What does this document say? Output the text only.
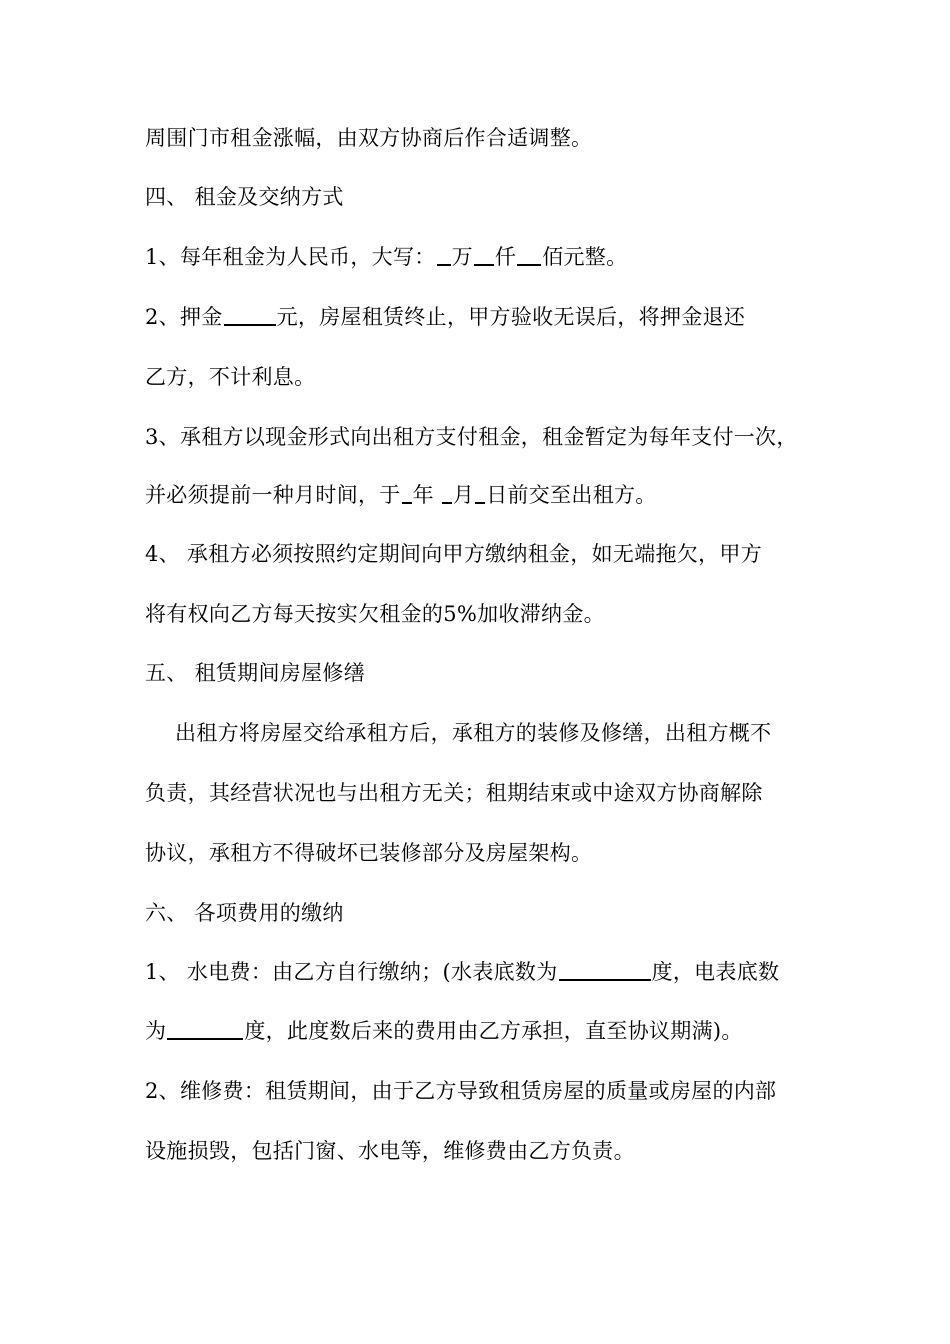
周围门市租金涨幅，由双方协商后作合适调整。
四、 租金及交纳方式
1、每年租金为人民币，大写： 万 仟 佰元整。
2、押金	元，房屋租赁终止，甲方验收无误后，将押金退还
乙方，不计利息。
3、承租方以现金形式向出租方支付租金，租金暂定为每年支付一次，
并必须提前一种月时间，于 年 月 日前交至出租方。
4、 承租方必须按照约定期间向甲方缴纳租金，如无端拖欠，甲方
将有权向乙方每天按实欠租金的5%加收滞纳金。
五、 租赁期间房屋修缮
出租方将房屋交给承租方后，承租方的装修及修缮，出租方概不
负责，其经营状况也与出租方无关；租期结束或中途双方协商解除
协议，承租方不得破坏已装修部分及房屋架构。
六、 各项费用的缴纳
1、 水电费：由乙方自行缴纳；(水表底数为	度，电表底数
为	度，此度数后来的费用由乙方承担，直至协议期满)。
2、维修费：租赁期间，由于乙方导致租赁房屋的质量或房屋的内部
设施损毁，包括门窗、水电等，维修费由乙方负责。
